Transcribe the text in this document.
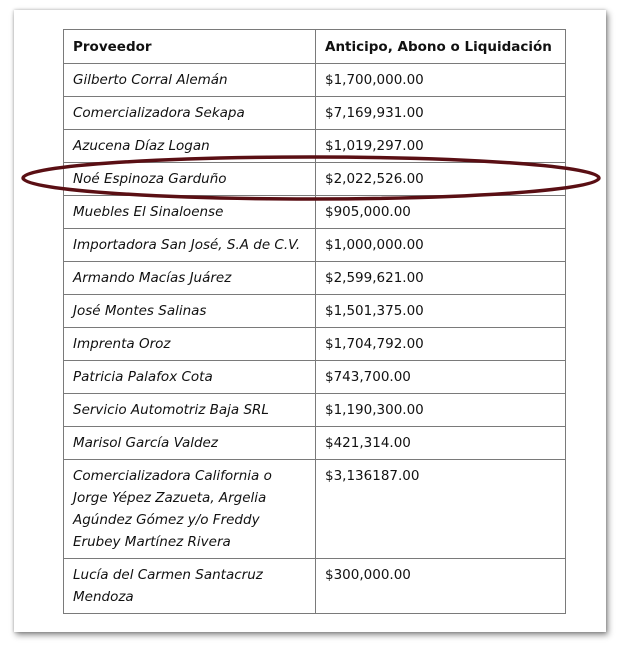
Proveedor	Anticipo, Abono o Liquidación
Gilberto Corral Alemán	$1,700,000.00
Comercializadora Sekapa	$7,169,931.00
Azucena Díaz Logan	$1,019,297.00
Noé Espinoza Garduño	$2,022,526.00
Muebles El Sinaloense	$905,000.00
Importadora San José, S.A de C.V.	$1,000,000.00
Armando Macías Juárez	$2,599,621.00
José Montes Salinas	$1,501,375.00
Imprenta Oroz	$1,704,792.00
Patricia Palafox Cota	$743,700.00
Servicio Automotriz Baja SRL	$1,190,300.00
Marisol García Valdez	$421,314.00
Comercializadora California o Jorge Yépez Zazueta, Argelia Agúndez Gómez y/o Freddy Erubey Martínez Rivera	$3,136187.00
Lucía del Carmen Santacruz Mendoza	$300,000.00
